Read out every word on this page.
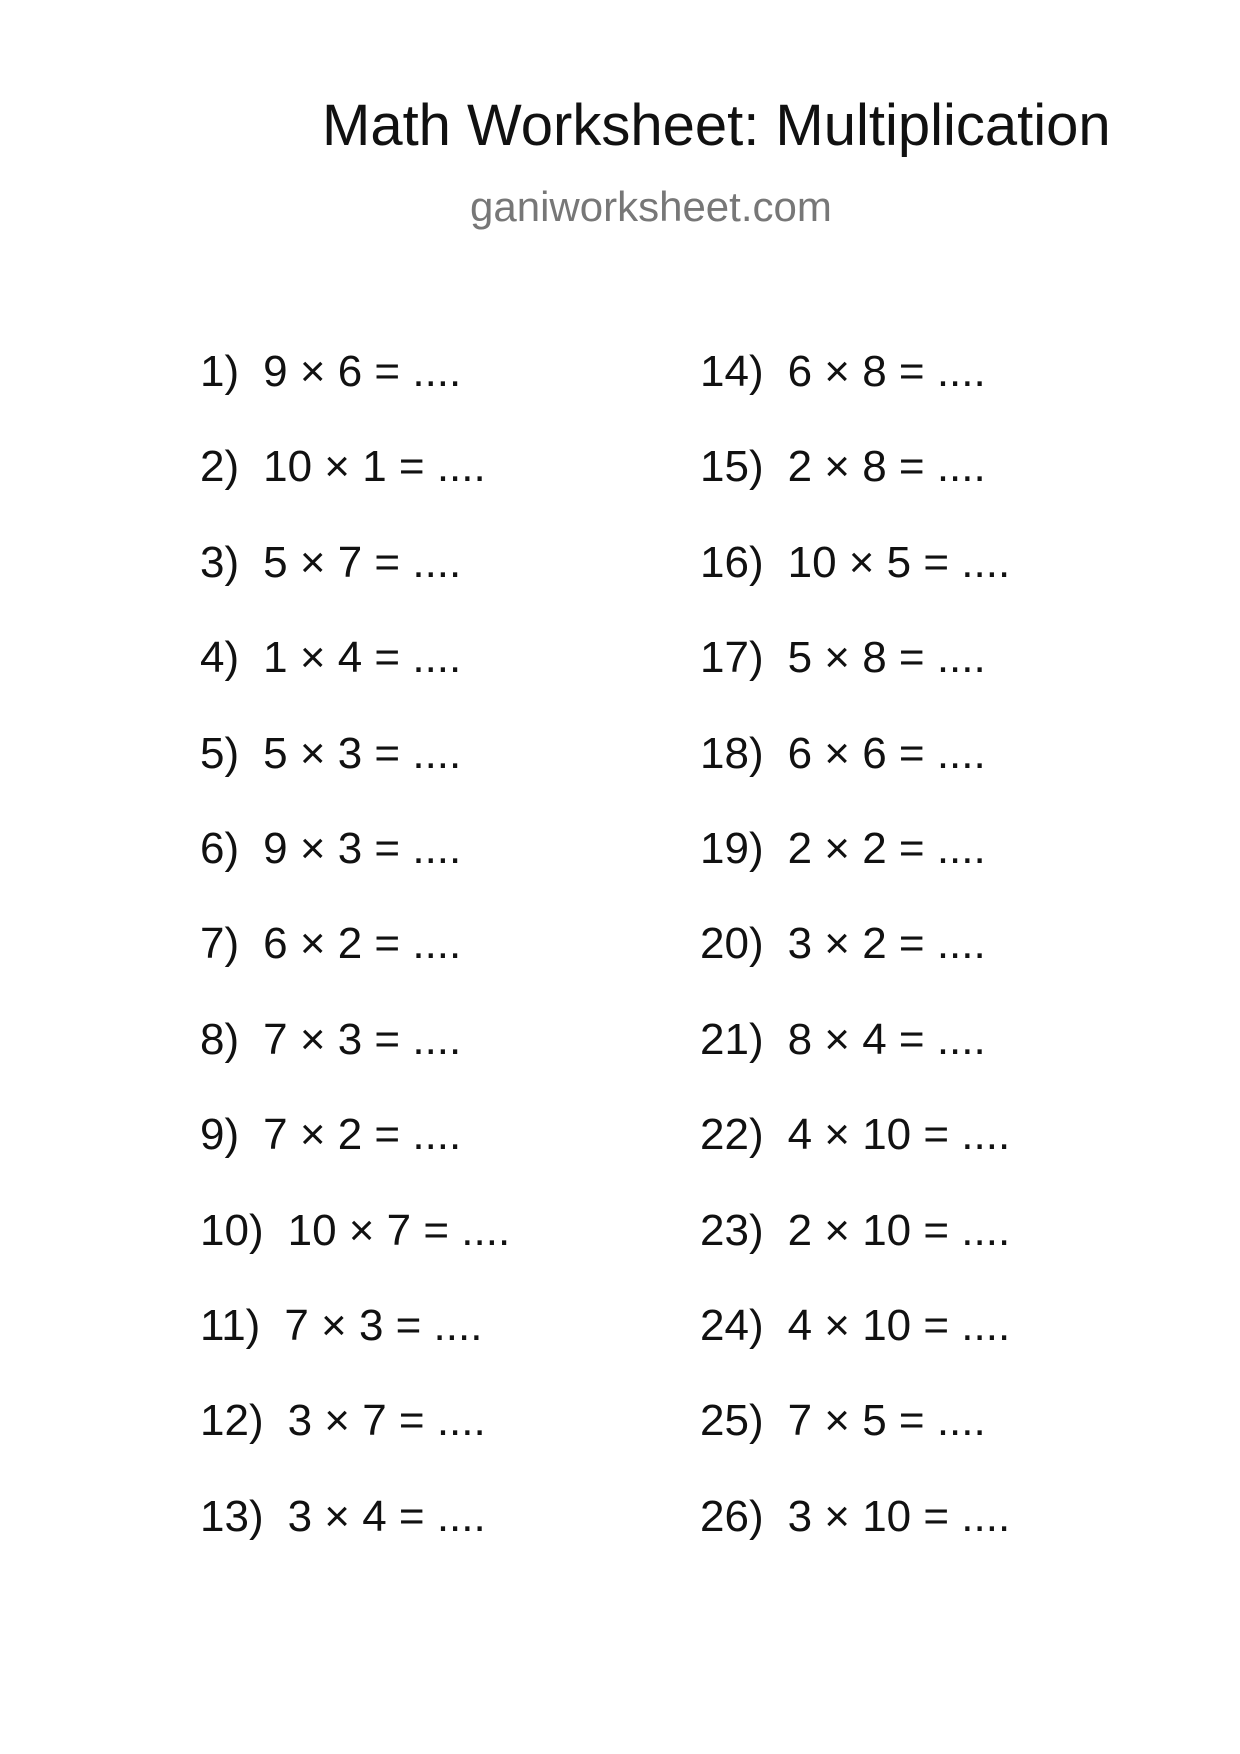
Math Worksheet: Multiplication
ganiworksheet.com
1) 9 × 6 = ....
2) 10 × 1 = ....
3) 5 × 7 = ....
4) 1 × 4 = ....
5) 5 × 3 = ....
6) 9 × 3 = ....
7) 6 × 2 = ....
8) 7 × 3 = ....
9) 7 × 2 = ....
10) 10 × 7 = ....
11) 7 × 3 = ....
12) 3 × 7 = ....
13) 3 × 4 = ....
14) 6 × 8 = ....
15) 2 × 8 = ....
16) 10 × 5 = ....
17) 5 × 8 = ....
18) 6 × 6 = ....
19) 2 × 2 = ....
20) 3 × 2 = ....
21) 8 × 4 = ....
22) 4 × 10 = ....
23) 2 × 10 = ....
24) 4 × 10 = ....
25) 7 × 5 = ....
26) 3 × 10 = ....
